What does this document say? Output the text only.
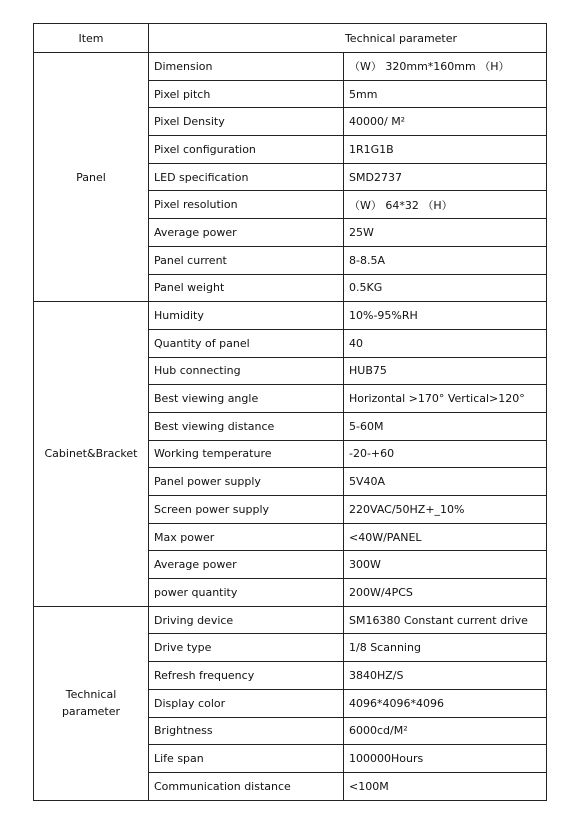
Item	Technical parameter	
Panel	Dimension	（W） 320mm*160mm （H）
	Pixel pitch	5mm
	Pixel Density	40000/ M²
	Pixel configuration	1R1G1B
	LED specification	SMD2737
	Pixel resolution	（W） 64*32 （H）
	Average power	25W
	Panel current	8-8.5A
	Panel weight	0.5KG
Cabinet&Bracket	Humidity	10%-95%RH
	Quantity of panel	40
	Hub connecting	HUB75
	Best viewing angle	Horizontal >170° Vertical>120°
	Best viewing distance	5-60M
	Working temperature	-20-+60
	Panel power supply	5V40A
	Screen power supply	220VAC/50HZ+_10%
	Max power	<40W/PANEL
	Average power	300W
	power quantity	200W/4PCS
Technical parameter	Driving device	SM16380 Constant current drive
	Drive type	1/8 Scanning
	Refresh frequency	3840HZ/S
	Display color	4096*4096*4096
	Brightness	6000cd/M²
	Life span	100000Hours
	Communication distance	<100M
